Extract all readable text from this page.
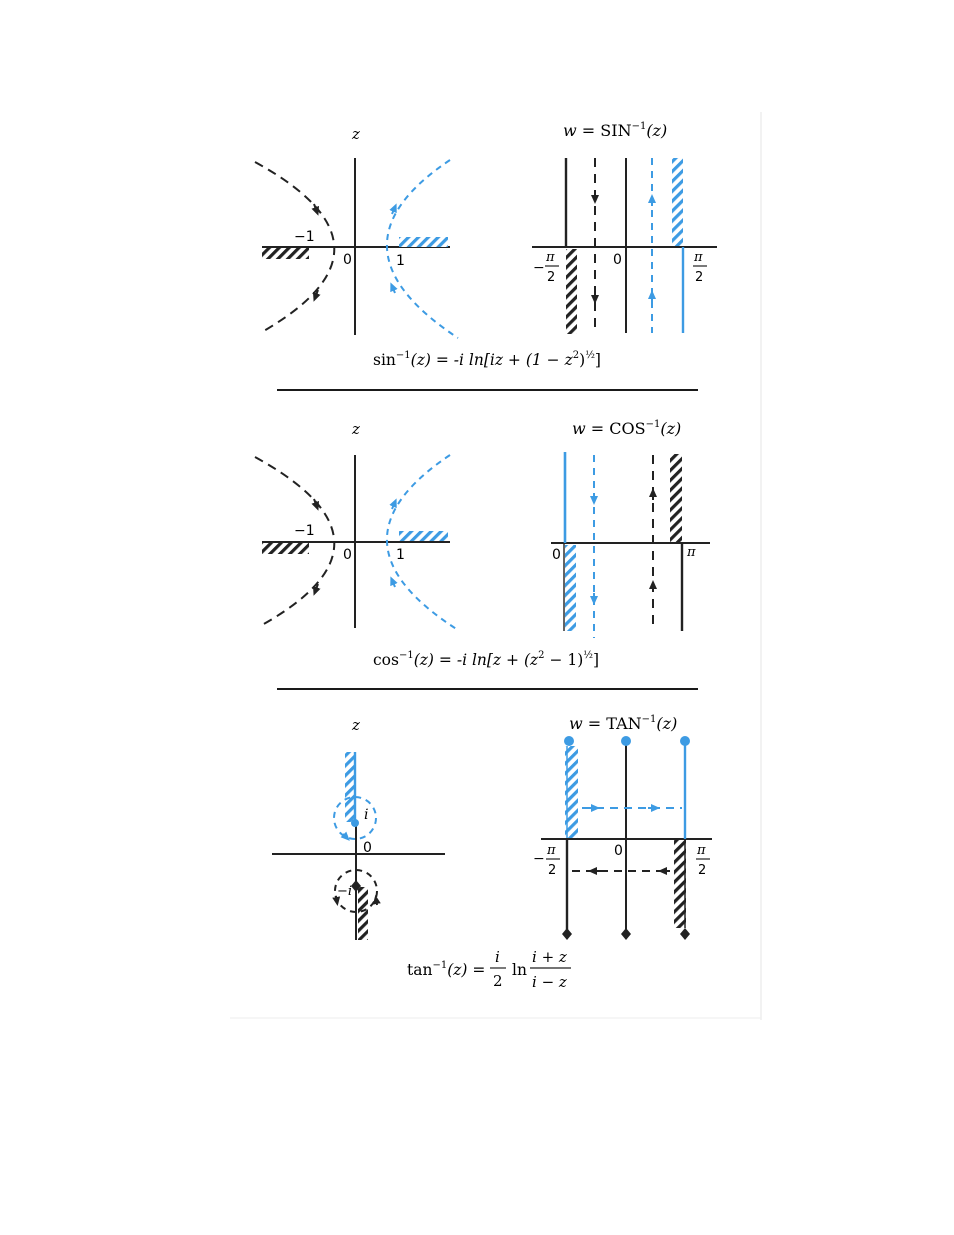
z
−1
0	1
$w = SIN^{-1}(z)$
0
−
π
2
π
2
$\sin^{-1}(z) = -i$ $\ln[iz + (1 - z^2)^{\frac{1}{2}}]$
z
−1
0	1
$w = COS^{-1}(z)$
0	π
$\cos^{-1}(z) = -i$ $\ln[z + (z^2 - 1)^{\frac{1}{2}}]$
z
i
0
−i
$w = TAN^{-1}(z)$
0
−
π
2
π
2
$\tan^{-1}(z)$ =
i
2
ln
i + z
i − z
